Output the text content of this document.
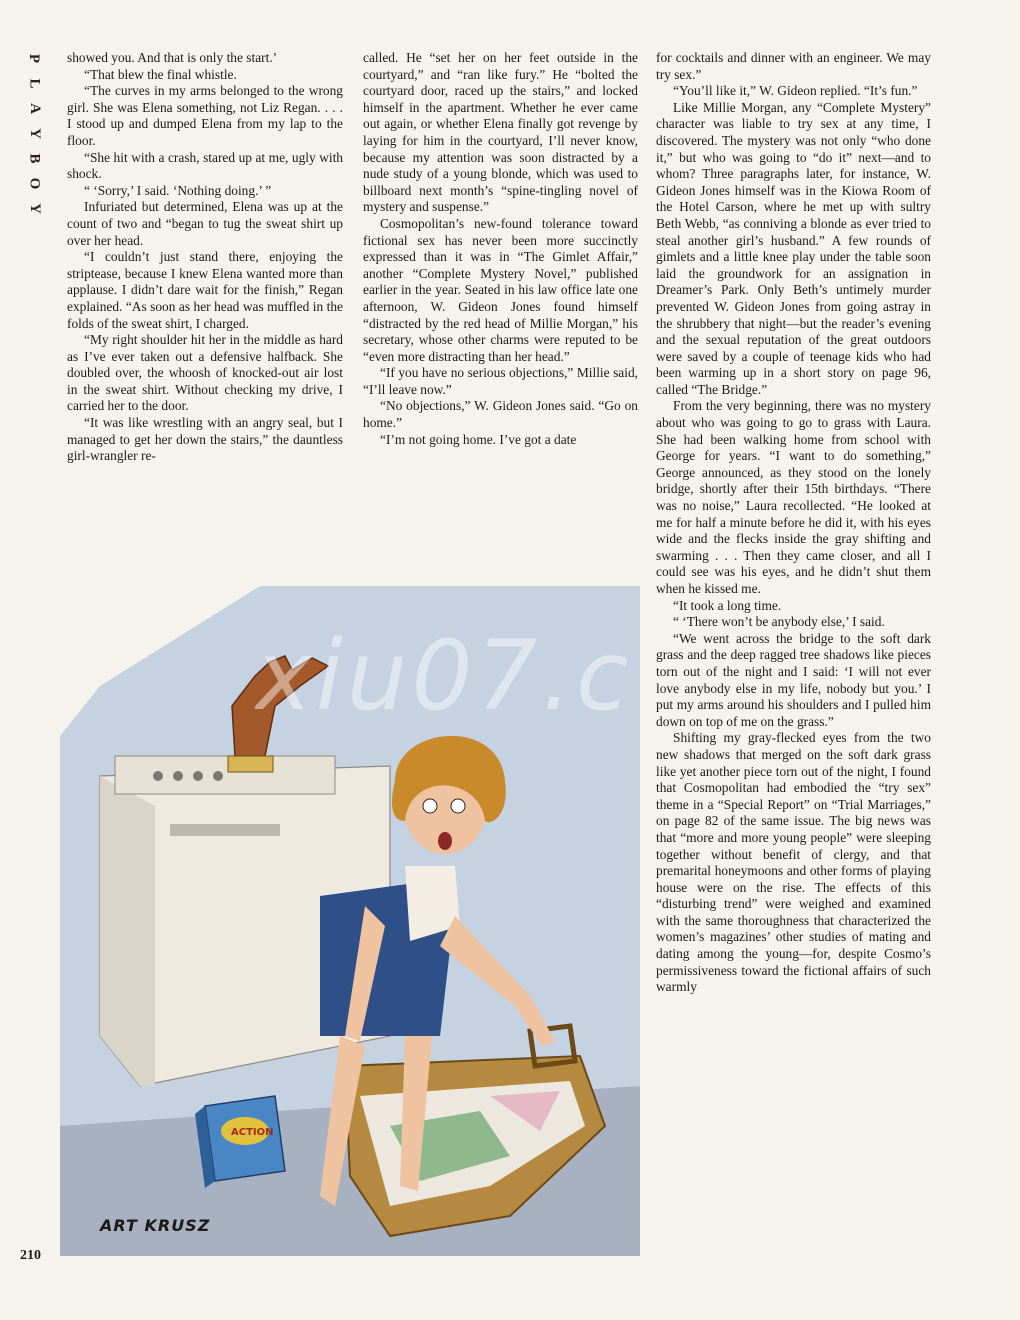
P
L
A
Y
B
O
Y

showed you. And that is only the start.’

“That blew the final whistle.

“The curves in my arms belonged to the wrong girl. She was Elena something, not Liz Regan. . . . I stood up and dumped Elena from my lap to the floor.

“She hit with a crash, stared up at me, ugly with shock.

“ ‘Sorry,’ I said. ‘Nothing doing.’ ”

Infuriated but determined, Elena was up at the count of two and “began to tug the sweat shirt up over her head.

“I couldn’t just stand there, enjoying the striptease, because I knew Elena wanted more than applause. I didn’t dare wait for the finish,” Regan explained. “As soon as her head was muffled in the folds of the sweat shirt, I charged.

“My right shoulder hit her in the middle as hard as I’ve ever taken out a defensive halfback. She doubled over, the whoosh of knocked-out air lost in the sweat shirt. Without checking my drive, I carried her to the door.

“It was like wrestling with an angry seal, but I managed to get her down the stairs,” the dauntless girl-wrangler re-

called. He “set her on her feet outside in the courtyard,” and “ran like fury.” He “bolted the courtyard door, raced up the stairs,” and locked himself in the apartment. Whether he ever came out again, or whether Elena finally got revenge by laying for him in the courtyard, I’ll never know, because my attention was soon distracted by a nude study of a young blonde, which was used to billboard next month’s “spine-tingling novel of mystery and suspense.”

Cosmopolitan’s new-found tolerance toward fictional sex has never been more succinctly expressed than it was in “The Gimlet Affair,” another “Complete Mystery Novel,” published earlier in the year. Seated in his law office late one afternoon, W. Gideon Jones found himself “distracted by the red head of Millie Morgan,” his secretary, whose other charms were reputed to be “even more distracting than her head.”

“If you have no serious objections,” Millie said, “I’ll leave now.”

“No objections,” W. Gideon Jones said. “Go on home.”

“I’m not going home. I’ve got a date

for cocktails and dinner with an engineer. We may try sex.”

“You’ll like it,” W. Gideon replied. “It’s fun.”

Like Millie Morgan, any “Complete Mystery” character was liable to try sex at any time, I discovered. The mystery was not only “who done it,” but who was going to “do it” next—and to whom? Three paragraphs later, for instance, W. Gideon Jones himself was in the Kiowa Room of the Hotel Carson, where he met up with sultry Beth Webb, “as conniving a blonde as ever tried to steal another girl’s husband.” A few rounds of gimlets and a little knee play under the table soon laid the groundwork for an assignation in Dreamer’s Park. Only Beth’s untimely murder prevented W. Gideon Jones from going astray in the shrubbery that night—but the reader’s evening and the sexual reputation of the great outdoors were saved by a couple of teenage kids who had been warming up in a short story on page 96, called “The Bridge.”

From the very beginning, there was no mystery about who was going to go to grass with Laura. She had been walking home from school with George for years. “I want to do something,” George announced, as they stood on the lonely bridge, shortly after their 15th birthdays. “There was no noise,” Laura recollected. “He looked at me for half a minute before he did it, with his eyes wide and the flecks inside the gray shifting and swarming . . . Then they came closer, and all I could see was his eyes, and he didn’t shut them when he kissed me.

“It took a long time.

“ ‘There won’t be anybody else,’ I said.

“We went across the bridge to the soft dark grass and the deep ragged tree shadows like pieces torn out of the night and I said: ‘I will not ever love anybody else in my life, nobody but you.’ I put my arms around his shoulders and I pulled him down on top of me on the grass.”

Shifting my gray-flecked eyes from the two new shadows that merged on the soft dark grass like yet another piece torn out of the night, I found that Cosmopolitan had embodied the “try sex” theme in a “Special Report” on “Trial Marriages,” on page 82 of the same issue. The big news was that “more and more young people” were sleeping together without benefit of clergy, and that premarital honeymoons and other forms of playing house were on the rise. The effects of this “disturbing trend” were weighed and examined with the same thoroughness that characterized the women’s magazines’ other studies of mating and dating among the young—for, despite Cosmo’s permissiveness toward the fictional affairs of such warmly

ACTION
xiu07.c
ART KRUSZ
210
